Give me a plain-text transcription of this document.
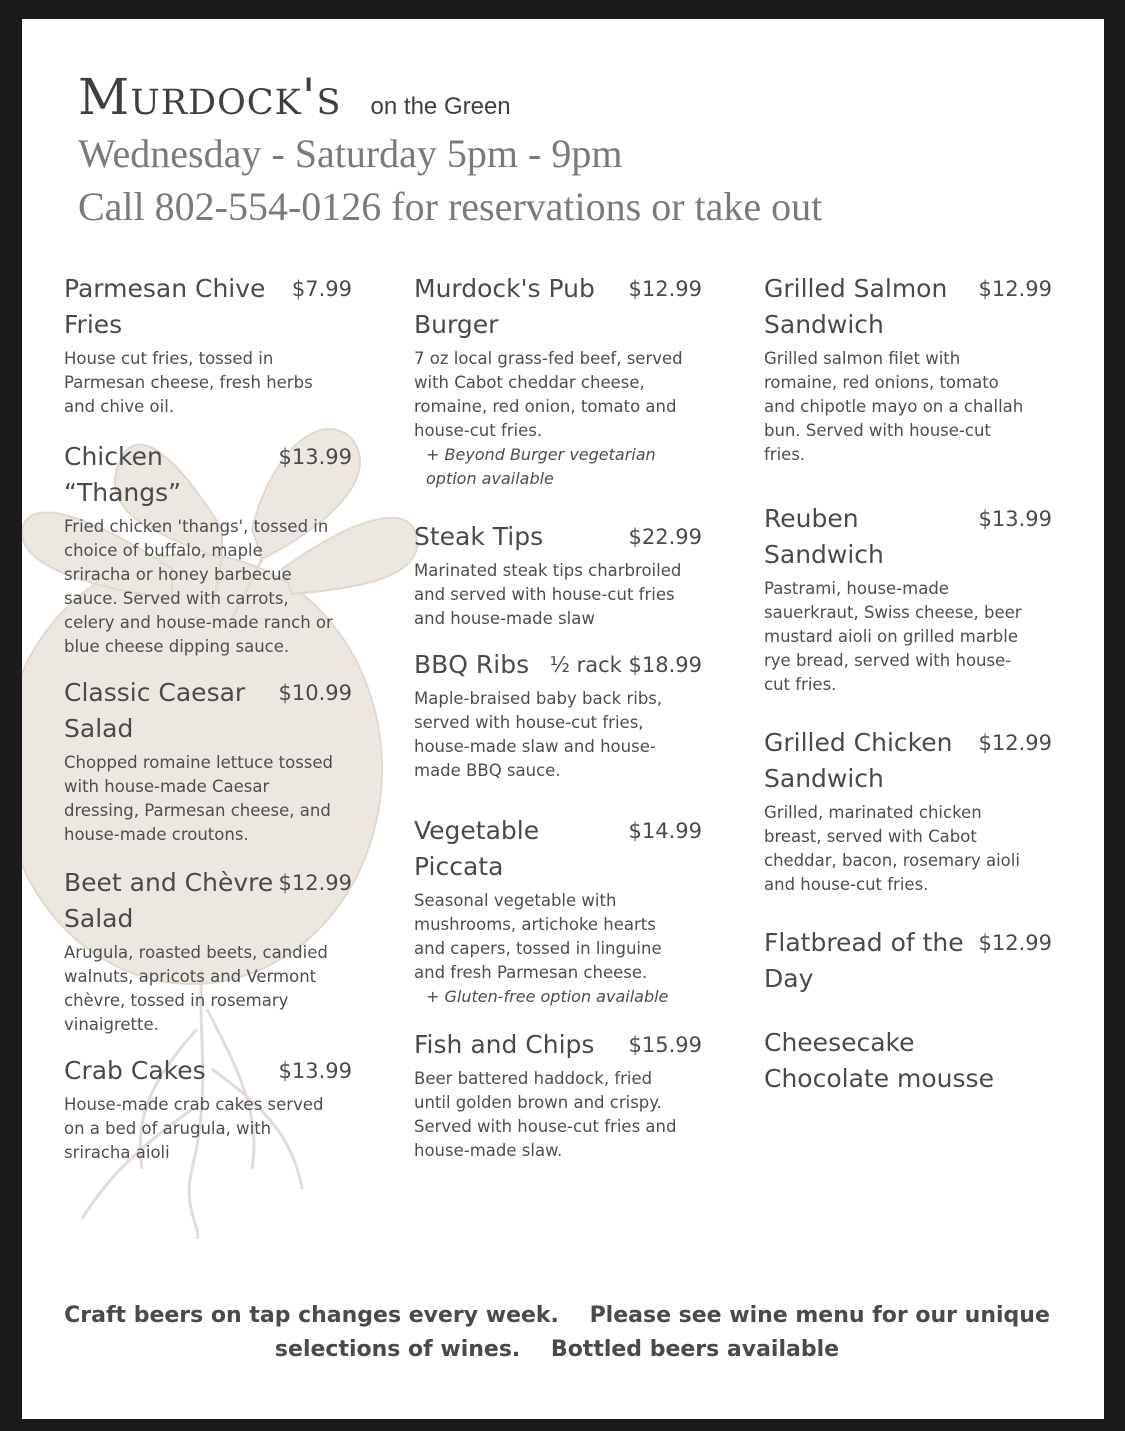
Murdock's on the Green
Wednesday - Saturday 5pm - 9pm
Call 802-554-0126 for reservations or take out

Parmesan Chive Fries

$7.99

House cut fries, tossed in Parmesan cheese, fresh herbs and chive oil.

Chicken “Thangs”

$13.99

Fried chicken 'thangs', tossed in choice of buffalo, maple sriracha or honey barbecue sauce. Served with carrots, celery and house-made ranch or blue cheese dipping sauce.

Classic Caesar Salad

$10.99

Chopped romaine lettuce tossed with house-made Caesar dressing, Parmesan cheese, and house-made croutons.

Beet and Chèvre Salad

$12.99

Arugula, roasted beets, candied walnuts, apricots and Vermont chèvre, tossed in rosemary vinaigrette.

Crab Cakes	$13.99

House-made crab cakes served on a bed of arugula, with sriracha aioli

Murdock's Pub Burger

$12.99

7 oz local grass-fed beef, served with Cabot cheddar cheese, romaine, red onion, tomato and house-cut fries.

+ Beyond Burger vegetarian option available

Steak Tips	$22.99

Marinated steak tips charbroiled and served with house-cut fries and house-made slaw

BBQ Ribs ½ rack $18.99

Maple-braised baby back ribs, served with house-cut fries, house-made slaw and house-made BBQ sauce.

Vegetable Piccata

$14.99

Seasonal vegetable with mushrooms, artichoke hearts and capers, tossed in linguine and fresh Parmesan cheese.

+ Gluten-free option available

Fish and Chips	$15.99

Beer battered haddock, fried until golden brown and crispy. Served with house-cut fries and house-made slaw.

Grilled Salmon Sandwich

$12.99

Grilled salmon filet with romaine, red onions, tomato and chipotle mayo on a challah bun. Served with house-cut fries.

Reuben Sandwich

$13.99

Pastrami, house-made sauerkraut, Swiss cheese, beer mustard aioli on grilled marble rye bread, served with house-cut fries.

Grilled Chicken Sandwich

$12.99

Grilled, marinated chicken breast, served with Cabot cheddar, bacon, rosemary aioli and house-cut fries.

Flatbread of the Day

$12.99
Cheesecake
Chocolate mousse
Craft beers on tap changes every week. Please see wine menu for our unique
selections of wines. Bottled beers available
